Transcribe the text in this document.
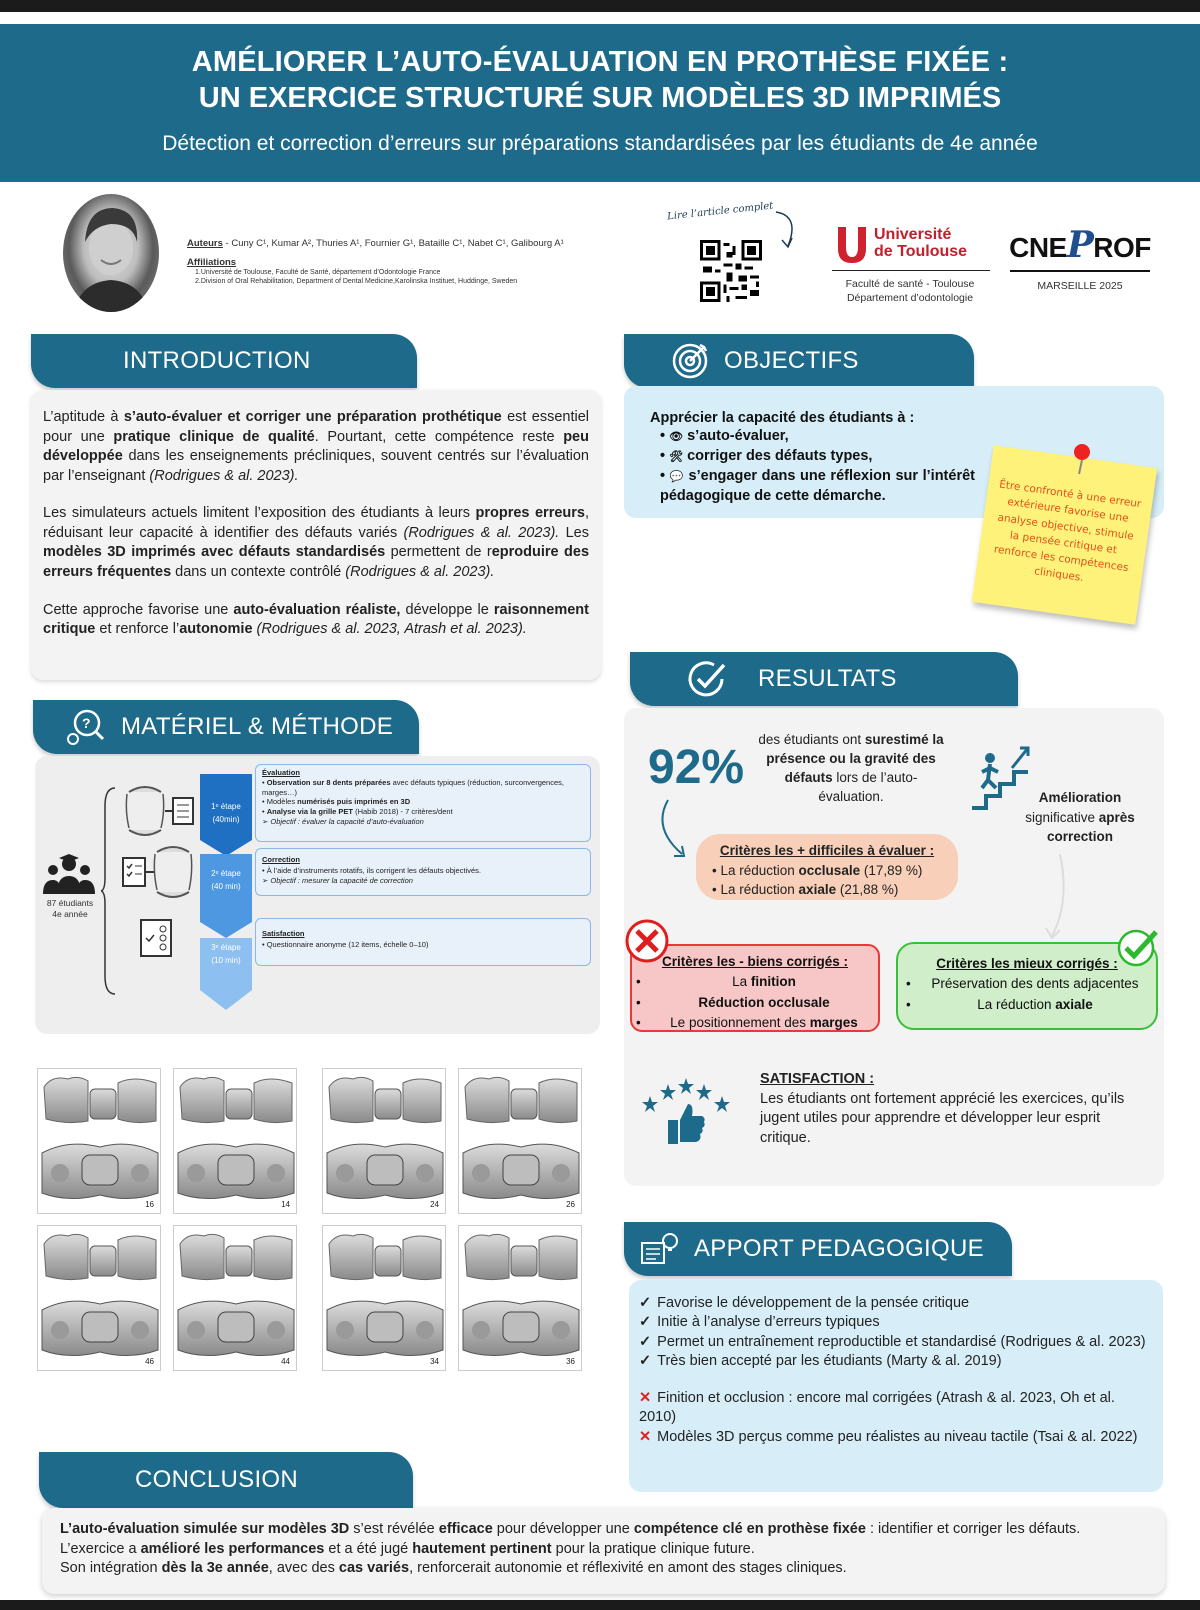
AMÉLIORER L’AUTO-ÉVALUATION EN PROTHÈSE FIXÉE :
UN EXERCICE STRUCTURÉ SUR MODÈLES 3D IMPRIMÉS
Détection et correction d’erreurs sur préparations standardisées par les étudiants de 4e année
Auteurs - Cuny C¹, Kumar A², Thuries A¹, Fournier G¹, Bataille C¹, Nabet C¹, Galibourg A¹
Affiliations
1.Université de Toulouse, Faculté de Santé, département d’Odontologie France
2.Division of Oral Rehabilitation, Department of Dental Medicine,Karolinska Instituet, Huddinge, Sweden
Lire l’article complet
Université
de Toulouse
Faculté de santé - Toulouse
Département d’odontologie
CNEPROF
MARSEILLE 2025
INTRODUCTION

L’aptitude à s’auto-évaluer et corriger une préparation prothétique est essentiel pour une pratique clinique de qualité. Pourtant, cette compétence reste peu développée dans les enseignements précliniques, souvent centrés sur l’évaluation par l’enseignant (Rodrigues & al. 2023).

Les simulateurs actuels limitent l’exposition des étudiants à leurs propres erreurs, réduisant leur capacité à identifier des défauts variés (Rodrigues & al. 2023). Les modèles 3D imprimés avec défauts standardisés permettent de reproduire des erreurs fréquentes dans un contexte contrôlé (Rodrigues & al. 2023).

Cette approche favorise une auto-évaluation réaliste, développe le raisonnement critique et renforce l’autonomie (Rodrigues & al. 2023, Atrash et al. 2023).

OBJECTIFS
Apprécier la capacité des étudiants à :
• 👁 s’auto-évaluer,
• 🛠 corriger des défauts types,
• 💬 s’engager dans une réflexion sur l’intérêt pédagogique de cette démarche.	Être confronté à une erreur extérieure favorise une analyse objective, stimule la pensée critique et renforce les compétences cliniques.
? MATÉRIEL & MÉTHODE
87 étudiants
4e année
1ᵉ étape
(40min)
2ᵉ étape
(40 min)
3ᵉ étape
(10 min)
Évaluation
• Observation sur 8 dents préparées avec défauts typiques (réduction, surconvergences, marges…)
• Modèles numérisés puis imprimés en 3D
• Analyse via la grille PET (Habib 2018) - 7 critères/dent
➢ Objectif : évaluer la capacité d’auto-évaluation
Correction
• À l’aide d’instruments rotatifs, ils corrigent les défauts objectivés.
➢ Objectif : mesurer la capacité de correction
Satisfaction
• Questionnaire anonyme (12 items, échelle 0–10)
16	14	24	26
46	44	34	36
RESULTATS
92%
des étudiants ont surestimé la présence ou la gravité des défauts lors de l’auto-évaluation.	Amélioration
significative après
correction
Critères les + difficiles à évaluer :
• La réduction occlusale (17,89 %)
• La réduction axiale (21,88 %)
Critères les - biens corrigés :
•	La finition
•	Réduction occlusale
•	Le positionnement des marges
Critères les mieux corrigés :
•	Préservation des dents adjacentes
•	La réduction axiale
SATISFACTION :
Les étudiants ont fortement apprécié les exercices, qu’ils jugent utiles pour apprendre et développer leur esprit critique.
APPORT PEDAGOGIQUE
✓ Favorise le développement de la pensée critique
✓ Initie à l’analyse d’erreurs typiques
✓ Permet un entraînement reproductible et standardisé (Rodrigues & al. 2023)
✓ Très bien accepté par les étudiants (Marty & al. 2019)
✕ Finition et occlusion : encore mal corrigées (Atrash & al. 2023, Oh et al. 2010)
✕ Modèles 3D perçus comme peu réalistes au niveau tactile (Tsai & al. 2022)
CONCLUSION
L’auto-évaluation simulée sur modèles 3D s’est révélée efficace pour développer une compétence clé en prothèse fixée : identifier et corriger les défauts.
L’exercice a amélioré les performances et a été jugé hautement pertinent pour la pratique clinique future.
Son intégration dès la 3e année, avec des cas variés, renforcerait autonomie et réflexivité en amont des stages cliniques.
